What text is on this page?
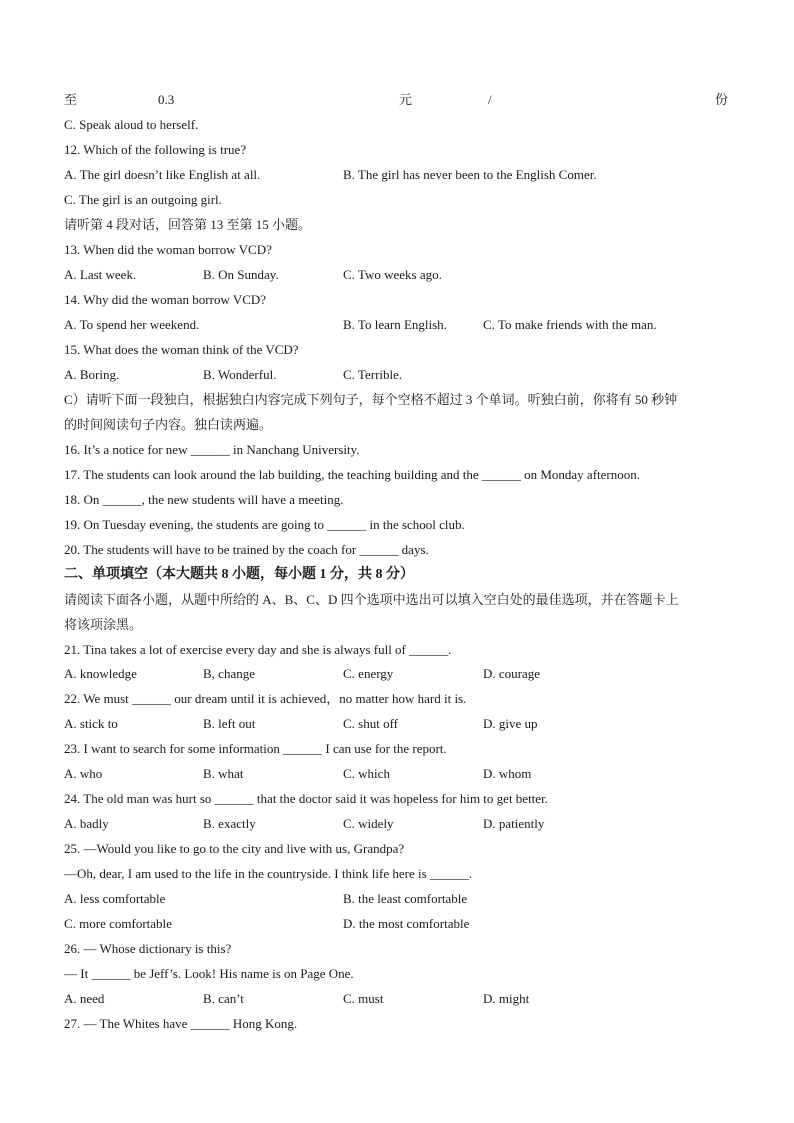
至	0.3	元	/	份
C. Speak aloud to herself.
12. Which of the following is true?
A. The girl doesn’t like English at all.	B. The girl has never been to the English Comer.
C. The girl is an outgoing girl.
请听第 4 段对话，回答第 13 至第 15 小题。
13. When did the woman borrow VCD?
A. Last week.	B. On Sunday.	C. Two weeks ago.
14. Why did the woman borrow VCD?
A. To spend her weekend.	B. To learn English.	C. To make friends with the man.
15. What does the woman think of the VCD?
A. Boring.	B. Wonderful.	C. Terrible.
C）请听下面一段独白，根据独白内容完成下列句子，每个空格不超过 3 个单词。听独白前，你将有 50 秒钟
的时间阅读句子内容。独白读两遍。
16. It’s a notice for new ______ in Nanchang University.
17. The students can look around the lab building, the teaching building and the ______ on Monday afternoon.
18. On ______, the new students will have a meeting.
19. On Tuesday evening, the students are going to ______ in the school club.
20. The students will have to be trained by the coach for ______ days.
二、单项填空（本大题共 8 小题，每小题 1 分，共 8 分）
请阅读下面各小题，从题中所给的 A、B、C、D 四个选项中选出可以填入空白处的最佳选项，并在答题卡上
将该项涂黑。
21. Tina takes a lot of exercise every day and she is always full of ______.
A. knowledge	B, change	C. energy	D. courage
22. We must ______ our dream until it is achieved，no matter how hard it is.
A. stick to	B. left out	C. shut off	D. give up
23. I want to search for some information ______ I can use for the report.
A. who	B. what	C. which	D. whom
24. The old man was hurt so ______ that the doctor said it was hopeless for him to get better.
A. badly	B. exactly	C. widely	D. patiently
25. —Would you like to go to the city and live with us, Grandpa?
—Oh, dear, I am used to the life in the countryside. I think life here is ______.
A. less comfortable	B. the least comfortable
C. more comfortable	D. the most comfortable
26. — Whose dictionary is this?
— It ______ be Jeff’s. Look! His name is on Page One.
A. need	B. can’t	C. must	D. might
27. — The Whites have ______ Hong Kong.
